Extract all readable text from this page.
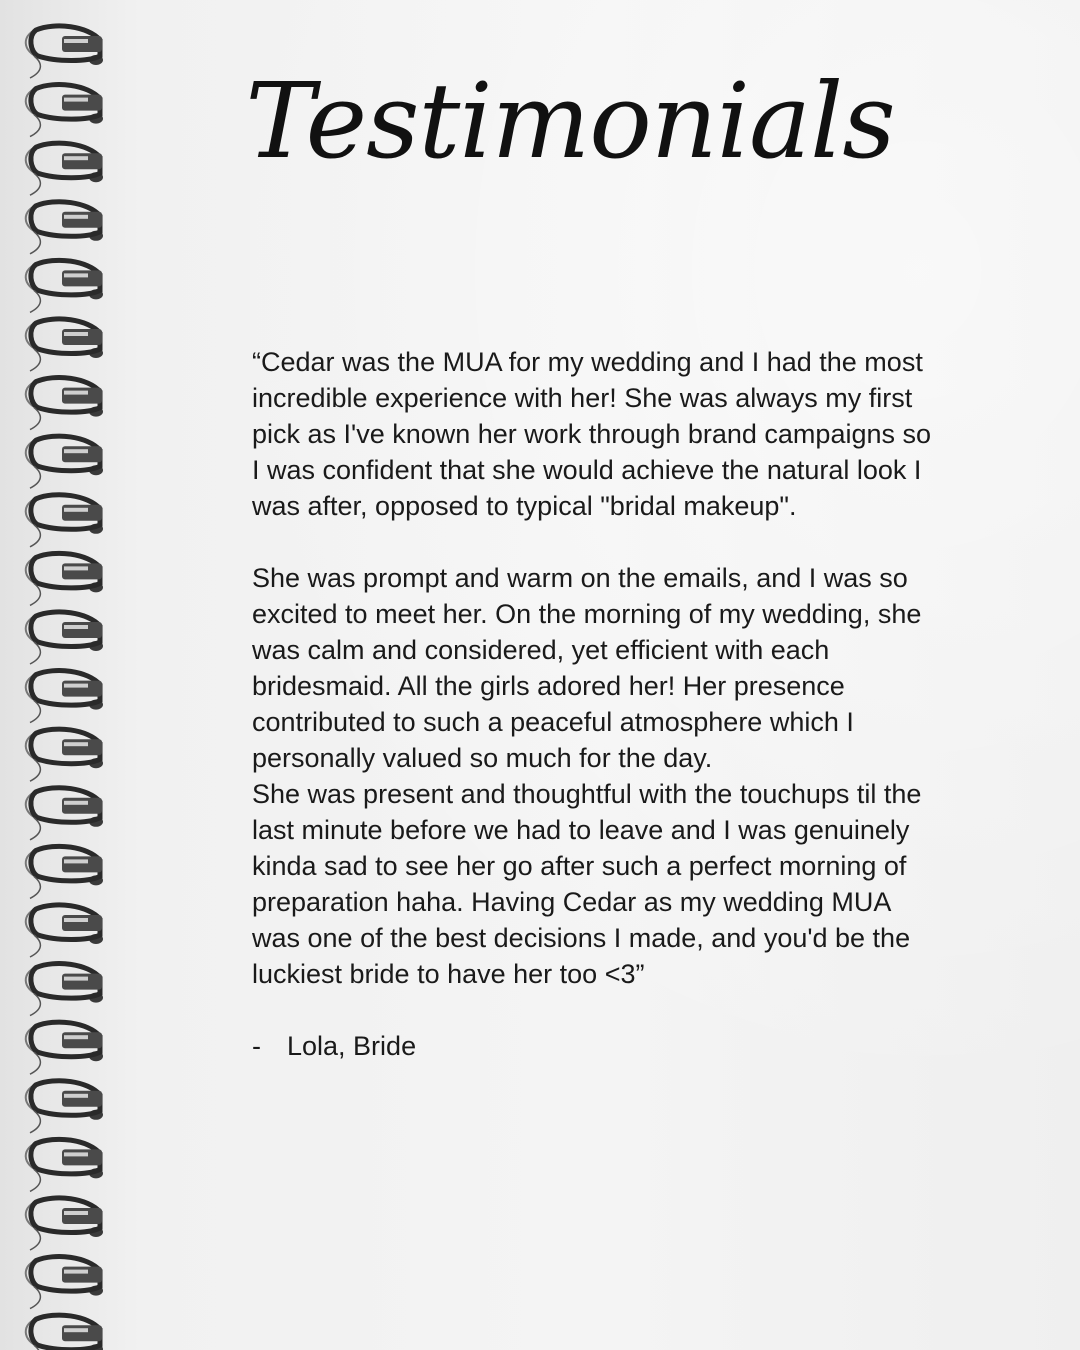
Testimonials

“Cedar was the MUA for my wedding and I had the most incredible experience with her! She was always my first pick as I've known her work through brand campaigns so I was confident that she would achieve the natural look I was after, opposed to typical "bridal makeup".

She was prompt and warm on the emails, and I was so excited to meet her. On the morning of my wedding, she was calm and considered, yet efficient with each bridesmaid. All the girls adored her! Her presence contributed to such a peaceful atmosphere which I personally valued so much for the day.

She was present and thoughtful with the touchups til the last minute before we had to leave and I was genuinely kinda sad to see her go after such a perfect morning of preparation haha. Having Cedar as my wedding MUA was one of the best decisions I made, and you'd be the luckiest bride to have her too <3”

- Lola, Bride
